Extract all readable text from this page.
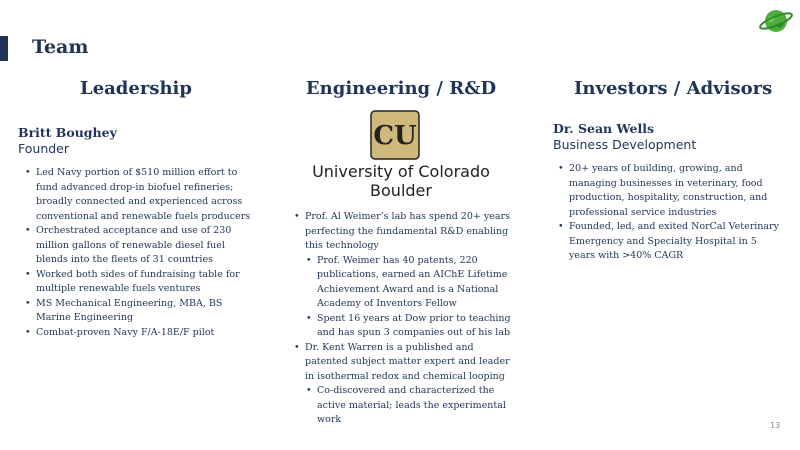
Team
Leadership
Britt Boughey
Founder
• Led Navy portion of $510 million effort to fund advanced drop-in biofuel refineries; broadly connected and experienced across conventional and renewable fuels producers
• Orchestrated acceptance and use of 230 million gallons of renewable diesel fuel blends into the fleets of 31 countries
• Worked both sides of fundraising table for multiple renewable fuels ventures
• MS Mechanical Engineering, MBA, BS Marine Engineering
• Combat-proven Navy F/A-18E/F pilot
Engineering / R&D
CU
University of Colorado Boulder
• Prof. Al Weimer’s lab has spend 20+ years perfecting the fundamental R&D enabling this technology
• Prof. Weimer has 40 patents, 220 publications, earned an AIChE Lifetime Achievement Award and is a National Academy of Inventors Fellow
• Spent 16 years at Dow prior to teaching and has spun 3 companies out of his lab
• Dr. Kent Warren is a published and patented subject matter expert and leader in isothermal redox and chemical looping
• Co-discovered and characterized the active material; leads the experimental work
Investors / Advisors
Dr. Sean Wells
Business Development
• 20+ years of building, growing, and managing businesses in veterinary, food production, hospitality, construction, and professional service industries
• Founded, led, and exited NorCal Veterinary Emergency and Specialty Hospital in 5 years with >40% CAGR
13
